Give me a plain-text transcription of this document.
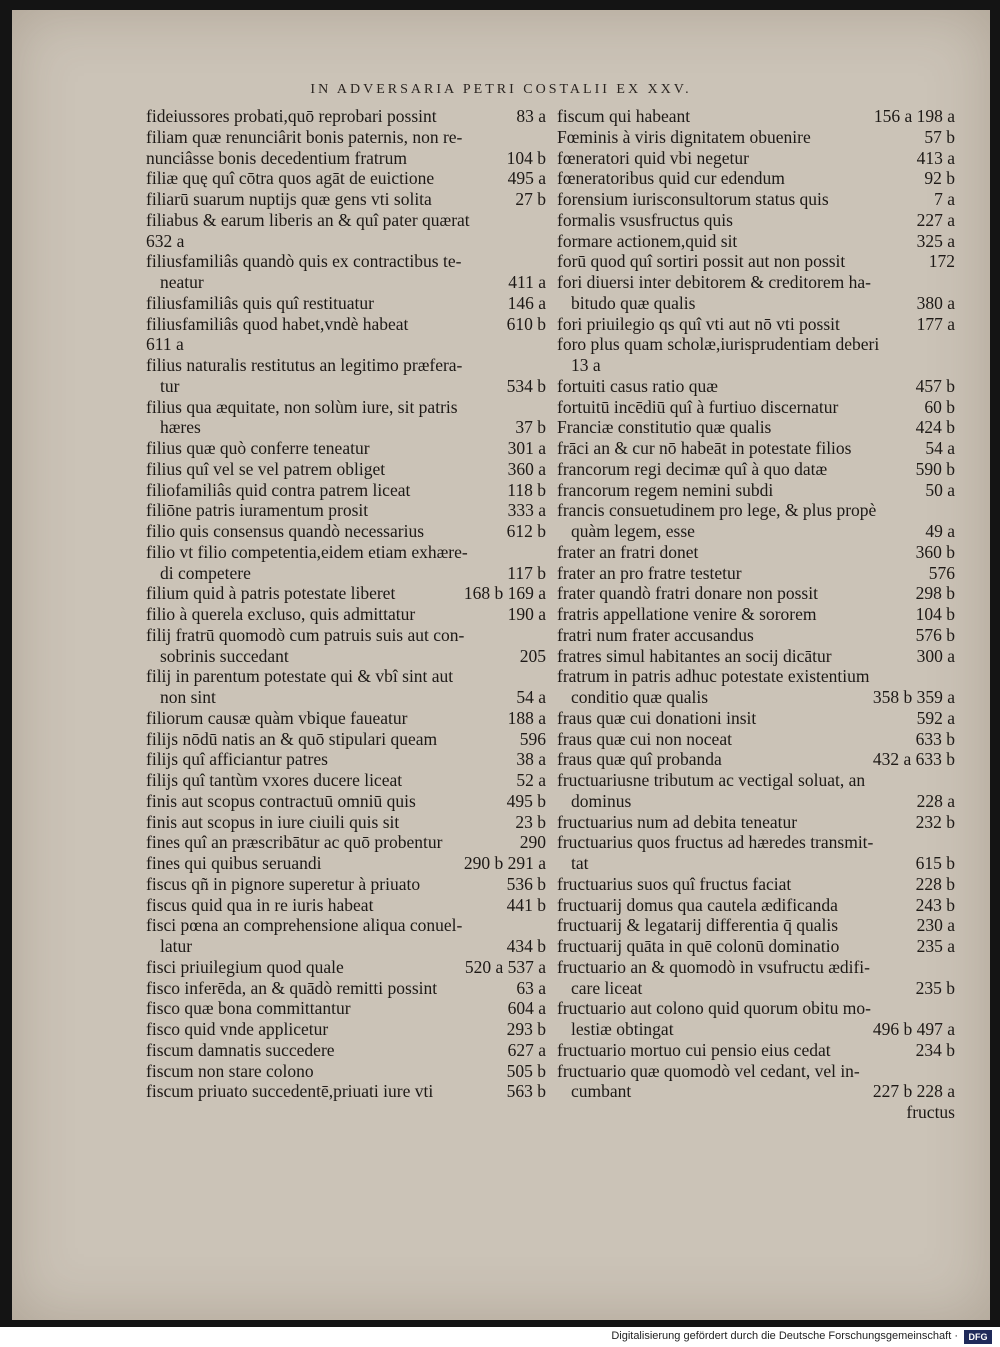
IN ADVERSARIA PETRI COSTALII EX XXV.
83 a
fideiussores probati,quō reprobari possint
filiam quæ renunciârit bonis paternis, non re-
104 b
nunciâsse bonis decedentium fratrum
495 a
filiæ quę quî cōtra quos agāt de euictione
27 b
filiarū suarum nuptijs quæ gens vti solita
filiabus & earum liberis an & quî pater quærat
632 a
filiusfamiliâs quandò quis ex contractibus te-
411 a
neatur
146 a
filiusfamiliâs quis quî restituatur
610 b
filiusfamiliâs quod habet,vndè habeat
611 a
filius naturalis restitutus an legitimo præfera-
534 b
tur
filius qua æquitate, non solùm iure, sit patris
37 b
hæres
301 a
filius quæ quò conferre teneatur
360 a
filius quî vel se vel patrem obliget
118 b
filiofamiliâs quid contra patrem liceat
333 a
filiōne patris iuramentum prosit
612 b
filio quis consensus quandò necessarius
filio vt filio competentia,eidem etiam exhære-
117 b
di competere
168 b 169 a
filium quid à patris potestate liberet
190 a
filio à querela excluso, quis admittatur
filij fratrū quomodò cum patruis suis aut con-
205
sobrinis succedant
filij in parentum potestate qui & vbî sint aut
54 a
non sint
188 a
filiorum causæ quàm vbique faueatur
596
filijs nōdū natis an & quō stipulari queam
38 a
filijs quî afficiantur patres
52 a
filijs quî tantùm vxores ducere liceat
495 b
finis aut scopus contractuū omniū quis
23 b
finis aut scopus in iure ciuili quis sit
290
fines quî an præscribātur ac quō probentur
290 b 291 a
fines qui quibus seruandi
536 b
fiscus qñ in pignore superetur à priuato
441 b
fiscus quid qua in re iuris habeat
fisci pœna an comprehensione aliqua conuel-
434 b
latur
520 a 537 a
fisci priuilegium quod quale
63 a
fisco inferēda, an & quādò remitti possint
604 a
fisco quæ bona committantur
293 b
fisco quid vnde applicetur
627 a
fiscum damnatis succedere
505 b
fiscum non stare colono
563 b
fiscum priuato succedentē,priuati iure vti
156 a 198 a
fiscum qui habeant
57 b
Fœminis à viris dignitatem obuenire
413 a
fœneratori quid vbi negetur
92 b
fœneratoribus quid cur edendum
7 a
forensium iurisconsultorum status quis
227 a
formalis vsusfructus quis
325 a
formare actionem,quid sit
172
forū quod quî sortiri possit aut non possit
fori diuersi inter debitorem & creditorem ha-
380 a
bitudo quæ qualis
177 a
fori priuilegio qs quî vti aut nō vti possit
foro plus quam scholæ,iurisprudentiam deberi
13 a
457 b
fortuiti casus ratio quæ
60 b
fortuitū incēdiū quî à furtiuo discernatur
424 b
Franciæ constitutio quæ qualis
54 a
frāci an & cur nō habeāt in potestate filios
590 b
francorum regi decimæ quî à quo datæ
50 a
francorum regem nemini subdi
francis consuetudinem pro lege, & plus propè
49 a
quàm legem, esse
360 b
frater an fratri donet
576
frater an pro fratre testetur
298 b
frater quandò fratri donare non possit
104 b
fratris appellatione venire & sororem
576 b
fratri num frater accusandus
300 a
fratres simul habitantes an socij dicātur
fratrum in patris adhuc potestate existentium
358 b 359 a
conditio quæ qualis
592 a
fraus quæ cui donationi insit
633 b
fraus quæ cui non noceat
432 a 633 b
fraus quæ quî probanda
fructuariusne tributum ac vectigal soluat, an
228 a
dominus
232 b
fructuarius num ad debita teneatur
fructuarius quos fructus ad hæredes transmit-
615 b
tat
228 b
fructuarius suos quî fructus faciat
243 b
fructuarij domus qua cautela ædificanda
230 a
fructuarij & legatarij differentia q̄ qualis
235 a
fructuarij quāta in quē colonū dominatio
fructuario an & quomodò in vsufructu ædifi-
235 b
care liceat
fructuario aut colono quid quorum obitu mo-
496 b 497 a
lestiæ obtingat
234 b
fructuario mortuo cui pensio eius cedat
fructuario quæ quomodò vel cedant, vel in-
227 b 228 a
cumbant
fructus
Digitalisierung gefördert durch die Deutsche Forschungsgemeinschaft ·	DFG
